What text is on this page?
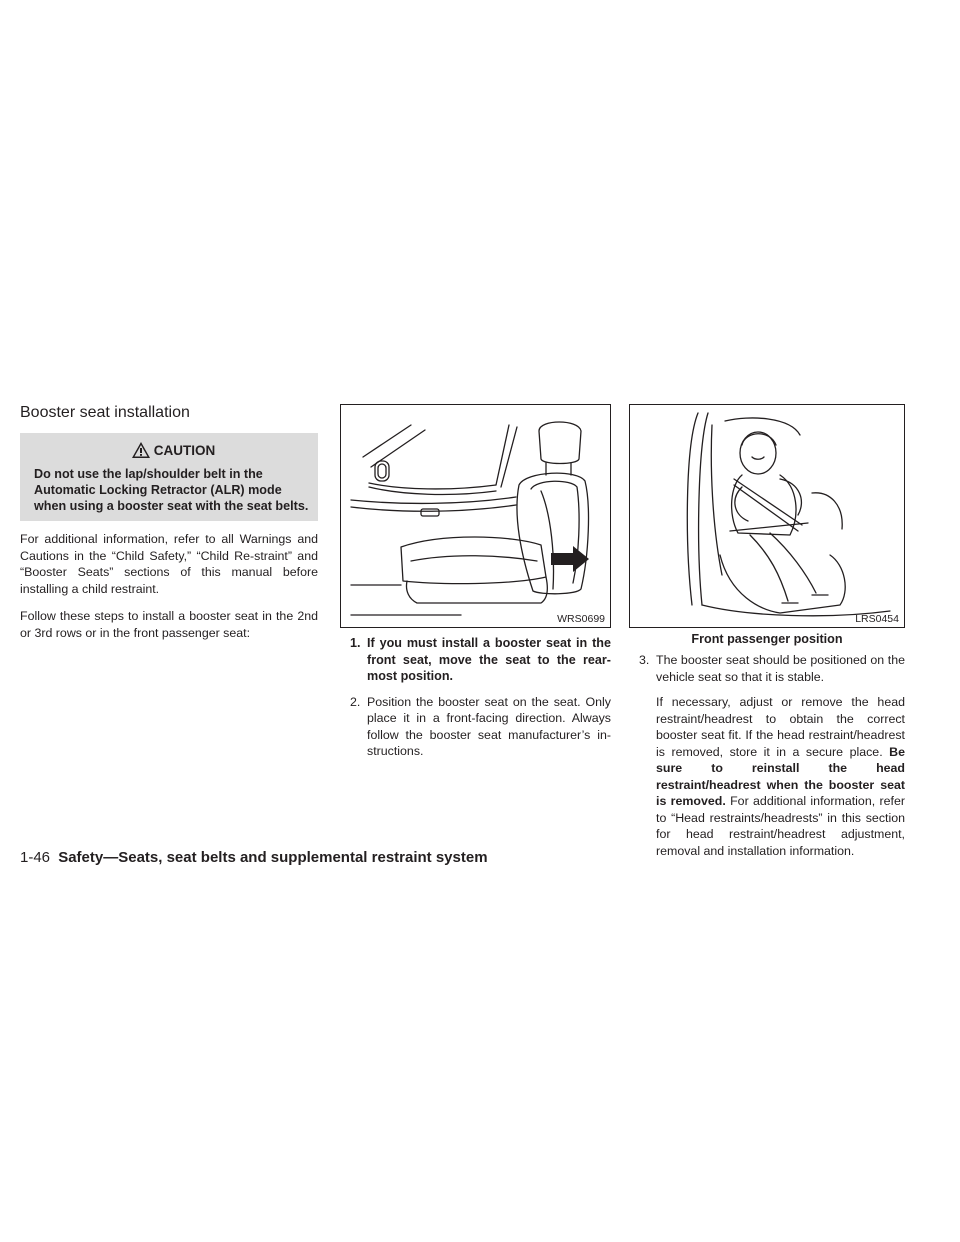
Booster seat installation
CAUTION

Do not use the lap/shoulder belt in the Automatic Locking Retractor (ALR) mode when using a booster seat with the seat belts.

For additional information, refer to all Warnings and Cautions in the “Child Safety,” “Child Re-straint” and “Booster Seats” sections of this manual before installing a child restraint.

Follow these steps to install a booster seat in the 2nd or 3rd rows or in the front passenger seat:

WRS0699
1. If you must install a booster seat in the front seat, move the seat to the rear-most position.
2. Position the booster seat on the seat. Only place it in a front-facing direction. Always follow the booster seat manufacturer’s in-structions.
LRS0454
Front passenger position
3. The booster seat should be positioned on the vehicle seat so that it is stable.

If necessary, adjust or remove the head restraint/headrest to obtain the correct booster seat fit. If the head restraint/headrest is removed, store it in a secure place. Be sure to reinstall the head restraint/headrest when the booster seat is removed. For additional information, refer to “Head restraints/headrests” in this section for head restraint/headrest adjustment, removal and installation information.

1-46 Safety—Seats, seat belts and supplemental restraint system
